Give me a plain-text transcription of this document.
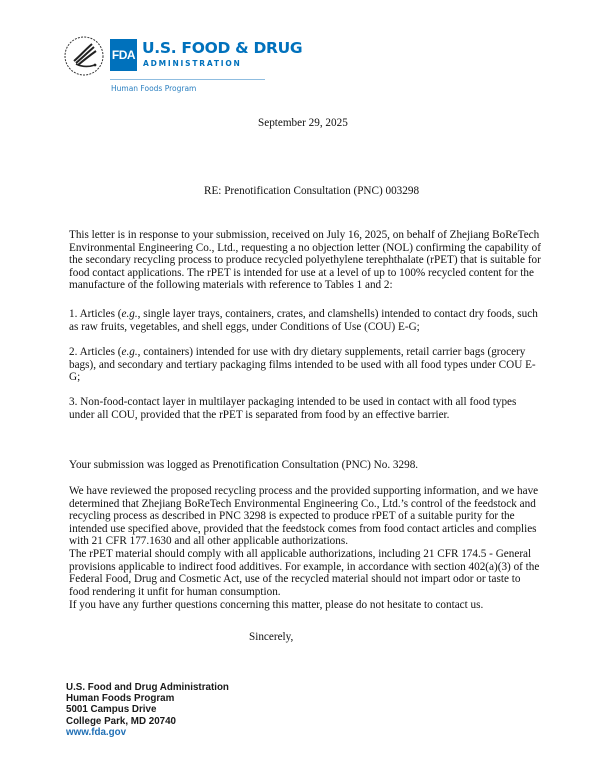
FDA U.S. FOOD & DRUG
ADMINISTRATION
Human Foods Program
September 29, 2025
RE: Prenotification Consultation (PNC) 003298

This letter is in response to your submission, received on July 16, 2025, on behalf of Zhejiang BoReTech Environmental Engineering Co., Ltd., requesting a no objection letter (NOL) confirming the capability of the secondary recycling process to produce recycled polyethylene terephthalate (rPET) that is suitable for food contact applications. The rPET is intended for use at a level of up to 100% recycled content for the manufacture of the following materials with reference to Tables 1 and 2:

1. Articles (e.g., single layer trays, containers, crates, and clamshells) intended to contact dry foods, such as raw fruits, vegetables, and shell eggs, under Conditions of Use (COU) E-G;

2. Articles (e.g., containers) intended for use with dry dietary supplements, retail carrier bags (grocery bags), and secondary and tertiary packaging films intended to be used with all food types under COU E-G;

3. Non-food-contact layer in multilayer packaging intended to be used in contact with all food types under all COU, provided that the rPET is separated from food by an effective barrier.

Your submission was logged as Prenotification Consultation (PNC) No. 3298.

We have reviewed the proposed recycling process and the provided supporting information, and we have determined that Zhejiang BoReTech Environmental Engineering Co., Ltd.’s control of the feedstock and recycling process as described in PNC 3298 is expected to produce rPET of a suitable purity for the intended use specified above, provided that the feedstock comes from food contact articles and complies with 21 CFR 177.1630 and all other applicable authorizations.

The rPET material should comply with all applicable authorizations, including 21 CFR 174.5 - General provisions applicable to indirect food additives. For example, in accordance with section 402(a)(3) of the Federal Food, Drug and Cosmetic Act, use of the recycled material should not impart odor or taste to food rendering it unfit for human consumption.

If you have any further questions concerning this matter, please do not hesitate to contact us.

Sincerely,
U.S. Food and Drug Administration
Human Foods Program
5001 Campus Drive
College Park, MD 20740
www.fda.gov
